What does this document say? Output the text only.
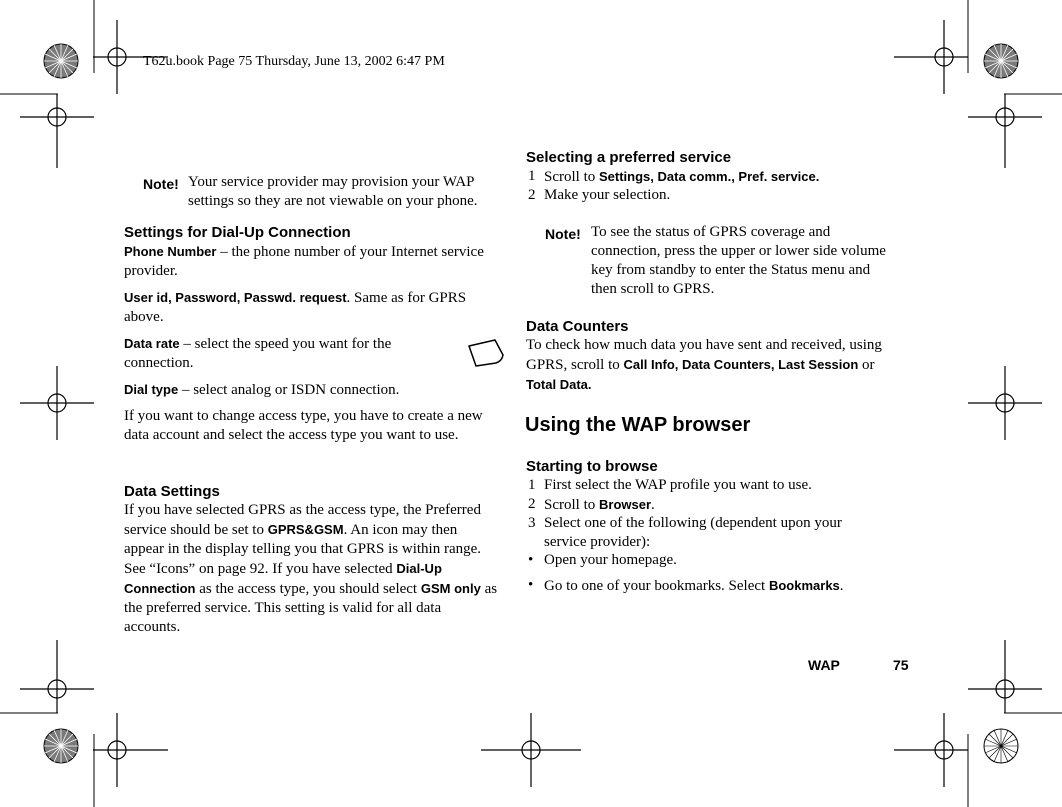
T62u.book Page 75 Thursday, June 13, 2002 6:47 PM
Note! Your service provider may provision your WAP settings so they are not viewable on your phone.
Settings for Dial-Up Connection

Phone Number – the phone number of your Internet service provider.

User id, Password, Passwd. request. Same as for GPRS above.

Data rate – select the speed you want for the connection.

Dial type – select analog or ISDN connection.

If you want to change access type, you have to create a new data account and select the access type you want to use.

Data Settings

If you have selected GPRS as the access type, the Preferred service should be set to GPRS&GSM. An icon may then appear in the display telling you that GPRS is within range. See “Icons” on page 92. If you have selected Dial-Up Connection as the access type, you should select GSM only as the preferred service. This setting is valid for all data accounts.

Selecting a preferred service
1 Scroll to Settings, Data comm., Pref. service.
2 Make your selection.
Note! To see the status of GPRS coverage and connection, press the upper or lower side volume key from standby to enter the Status menu and then scroll to GPRS.
Data Counters

To check how much data you have sent and received, using GPRS, scroll to Call Info, Data Counters, Last Session or Total Data.

Using the WAP browser
Starting to browse
1 First select the WAP profile you want to use.
2 Scroll to Browser.
3 Select one of the following (dependent upon your service provider):
• Open your homepage.
• Go to one of your bookmarks. Select Bookmarks.
WAP	75
